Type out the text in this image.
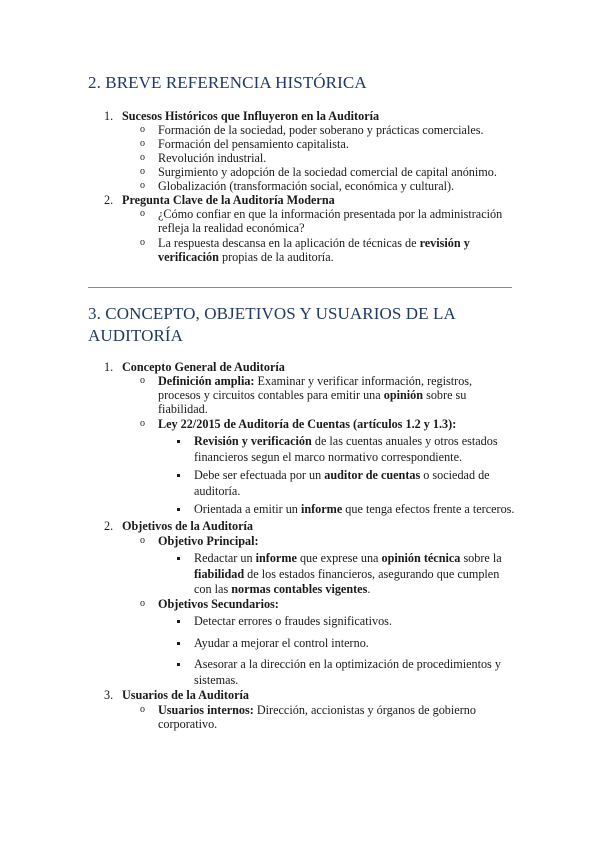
2. BREVE REFERENCIA HISTÓRICA
1. Sucesos Históricos que Influyeron en la Auditoría
o Formación de la sociedad, poder soberano y prácticas comerciales.
o Formación del pensamiento capitalista.
o Revolución industrial.
o Surgimiento y adopción de la sociedad comercial de capital anónimo.
o Globalización (transformación social, económica y cultural).
2. Pregunta Clave de la Auditoría Moderna
o ¿Cómo confiar en que la información presentada por la administración
refleja la realidad económica?
o La respuesta descansa en la aplicación de técnicas de revisión y
verificación propias de la auditoría.
3. CONCEPTO, OBJETIVOS Y USUARIOS DE LA
AUDITORÍA
1. Concepto General de Auditoría
o Definición amplia: Examinar y verificar información, registros,
procesos y circuitos contables para emitir una opinión sobre su
fiabilidad.
o Ley 22/2015 de Auditoría de Cuentas (artículos 1.2 y 1.3):
Revisión y verificación de las cuentas anuales y otros estados
financieros segun el marco normativo correspondiente.
Debe ser efectuada por un auditor de cuentas o sociedad de
auditoría.
Orientada a emitir un informe que tenga efectos frente a terceros.
2. Objetivos de la Auditoría
o Objetivo Principal:
Redactar un informe que exprese una opinión técnica sobre la
fiabilidad de los estados financieros, asegurando que cumplen
con las normas contables vigentes.
o Objetivos Secundarios:
Detectar errores o fraudes significativos.
Ayudar a mejorar el control interno.
Asesorar a la dirección en la optimización de procedimientos y
sistemas.
3. Usuarios de la Auditoría
o Usuarios internos: Dirección, accionistas y órganos de gobierno
corporativo.
